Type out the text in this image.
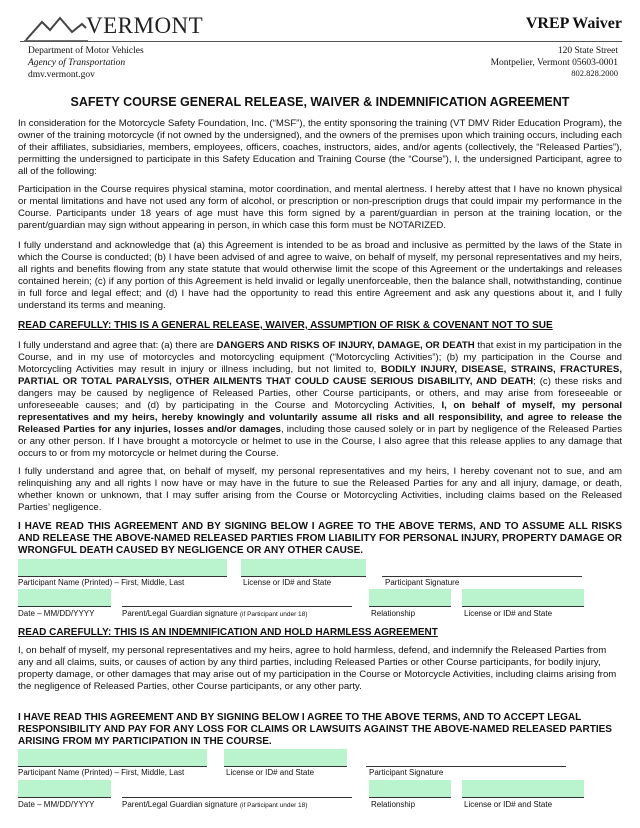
VERMONT	VREP Waiver
Department of Motor Vehicles
Agency of Transportation
dmv.vermont.gov
120 State Street
Montpelier, Vermont 05603-0001
802.828.2000
SAFETY COURSE GENERAL RELEASE, WAIVER & INDEMNIFICATION AGREEMENT
In consideration for the Motorcycle Safety Foundation, Inc. (“MSF”), the entity sponsoring the training (VT DMV Rider Education Program), the owner of the training motorcycle (if not owned by the undersigned), and the owners of the premises upon which training occurs, including each of their affiliates, subsidiaries, members, employees, officers, coaches, instructors, aides, and/or agents (collectively, the “Released Parties”), permitting the undersigned to participate in this Safety Education and Training Course (the “Course”), I, the undersigned Participant, agree to all of the following:
Participation in the Course requires physical stamina, motor coordination, and mental alertness. I hereby attest that I have no known physical or mental limitations and have not used any form of alcohol, or prescription or non-prescription drugs that could impair my performance in the Course. Participants under 18 years of age must have this form signed by a parent/guardian in person at the training location, or the parent/guardian may sign without appearing in person, in which case this form must be NOTARIZED.
I fully understand and acknowledge that (a) this Agreement is intended to be as broad and inclusive as permitted by the laws of the State in which the Course is conducted; (b) I have been advised of and agree to waive, on behalf of myself, my personal representatives and my heirs, all rights and benefits flowing from any state statute that would otherwise limit the scope of this Agreement or the undertakings and releases contained herein; (c) if any portion of this Agreement is held invalid or legally unenforceable, then the balance shall, notwithstanding, continue in full force and legal effect; and (d) I have had the opportunity to read this entire Agreement and ask any questions about it, and I fully understand its terms and meaning.
READ CAREFULLY: THIS IS A GENERAL RELEASE, WAIVER, ASSUMPTION OF RISK & COVENANT NOT TO SUE
I fully understand and agree that: (a) there are DANGERS AND RISKS OF INJURY, DAMAGE, OR DEATH that exist in my participation in the Course, and in my use of motorcycles and motorcycling equipment (“Motorcycling Activities”); (b) my participation in the Course and Motorcycling Activities may result in injury or illness including, but not limited to, BODILY INJURY, DISEASE, STRAINS, FRACTURES, PARTIAL OR TOTAL PARALYSIS, OTHER AILMENTS THAT COULD CAUSE SERIOUS DISABILITY, AND DEATH; (c) these risks and dangers may be caused by negligence of Released Parties, other Course participants, or others, and may arise from foreseeable or unforeseeable causes; and (d) by participating in the Course and Motorcycling Activities, I, on behalf of myself, my personal representatives and my heirs, hereby knowingly and voluntarily assume all risks and all responsibility, and agree to release the Released Parties for any injuries, losses and/or damages, including those caused solely or in part by negligence of the Released Parties or any other person. If I have brought a motorcycle or helmet to use in the Course, I also agree that this release applies to any damage that occurs to or from my motorcycle or helmet during the Course.
I fully understand and agree that, on behalf of myself, my personal representatives and my heirs, I hereby covenant not to sue, and am relinquishing any and all rights I now have or may have in the future to sue the Released Parties for any and all injury, damage, or death, whether known or unknown, that I may suffer arising from the Course or Motorcycling Activities, including claims based on the Released Parties’ negligence.
I HAVE READ THIS AGREEMENT AND BY SIGNING BELOW I AGREE TO THE ABOVE TERMS, AND TO ASSUME ALL RISKS AND RELEASE THE ABOVE-NAMED RELEASED PARTIES FROM LIABILITY FOR PERSONAL INJURY, PROPERTY DAMAGE OR WRONGFUL DEATH CAUSED BY NEGLIGENCE OR ANY OTHER CAUSE.
Participant Name (Printed) – First, Middle, Last	License or ID# and State	Participant Signature
Date – MM/DD/YYYY	Parent/Legal Guardian signature (if Participant under 18)	Relationship	License or ID# and State
READ CAREFULLY: THIS IS AN INDEMNIFICATION AND HOLD HARMLESS AGREEMENT
I, on behalf of myself, my personal representatives and my heirs, agree to hold harmless, defend, and indemnify the Released Parties from any and all claims, suits, or causes of action by any third parties, including Released Parties or other Course participants, for bodily injury, property damage, or other damages that may arise out of my participation in the Course or Motorcycle Activities, including claims arising from the negligence of Released Parties, other Course participants, or any other party.
I HAVE READ THIS AGREEMENT AND BY SIGNING BELOW I AGREE TO THE ABOVE TERMS, AND TO ACCEPT LEGAL RESPONSIBILITY AND PAY FOR ANY LOSS FOR CLAIMS OR LAWSUITS AGAINST THE ABOVE-NAMED RELEASED PARTIES ARISING FROM MY PARTICIPATION IN THE COURSE.
Participant Name (Printed) – First, Middle, Last	License or ID# and State	Participant Signature
Date – MM/DD/YYYY	Parent/Legal Guardian signature (if Participant under 18)	Relationship	License or ID# and State
